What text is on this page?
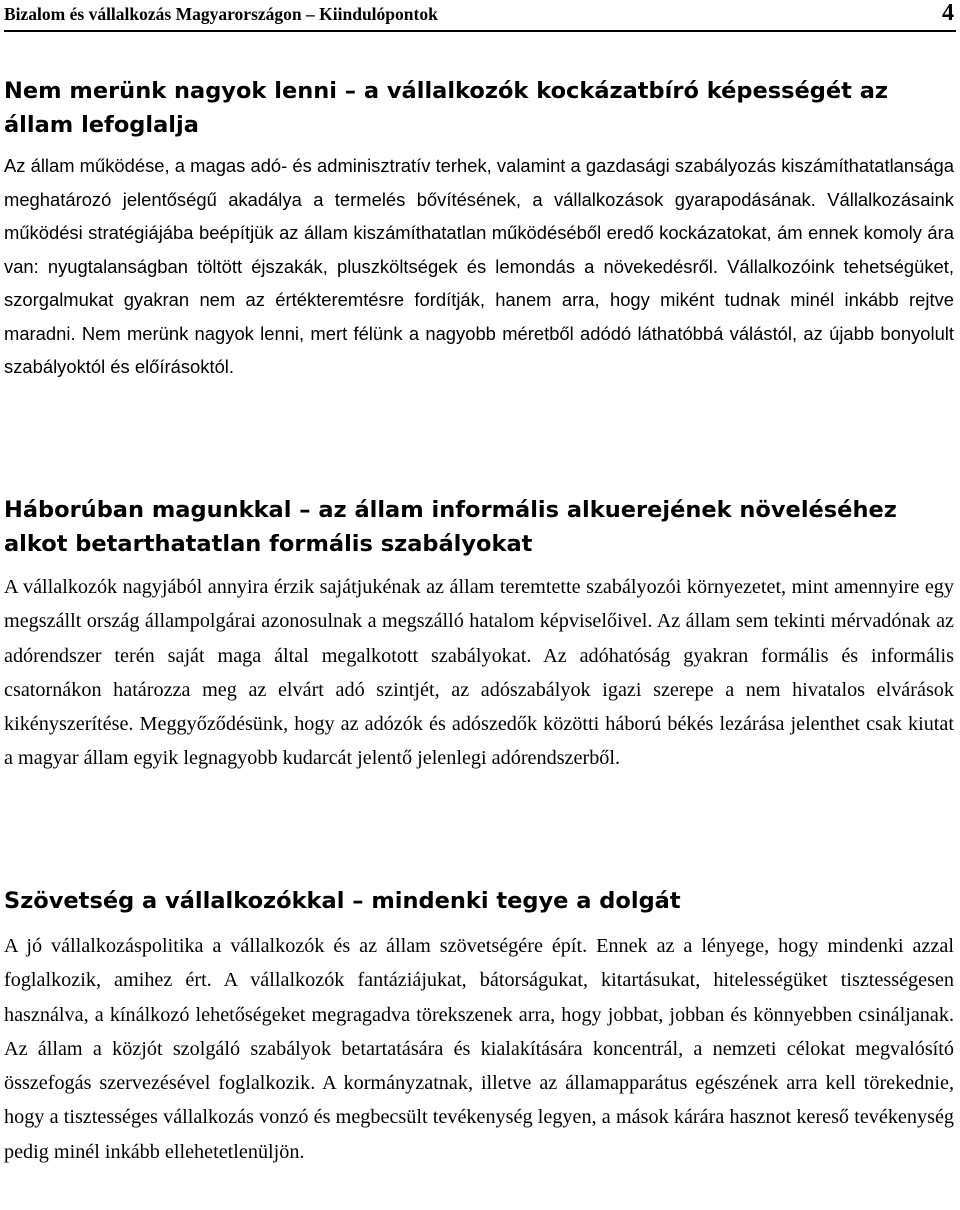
Bizalom és vállalkozás Magyarországon – Kiindulópontok	4
Nem merünk nagyok lenni – a vállalkozók kockázatbíró képességét az állam lefoglalja

Az állam működése, a magas adó- és adminisztratív terhek, valamint a gazdasági szabályozás kiszámíthatatlansága meghatározó jelentőségű akadálya a termelés bővítésének, a vállalkozások gyarapodásának. Vállalkozásaink működési stratégiájába beépítjük az állam kiszámíthatatlan működéséből eredő kockázatokat, ám ennek komoly ára van: nyugtalanságban töltött éjszakák, pluszköltségek és lemondás a növekedésről. Vállalkozóink tehetségüket, szorgalmukat gyakran nem az értékteremtésre fordítják, hanem arra, hogy miként tudnak minél inkább rejtve maradni. Nem merünk nagyok lenni, mert félünk a nagyobb méretből adódó láthatóbbá válástól, az újabb bonyolult szabályoktól és előírásoktól.

Háborúban magunkkal – az állam informális alkuerejének növeléséhez alkot betarthatatlan formális szabályokat

A vállalkozók nagyjából annyira érzik sajátjukénak az állam teremtette szabályozói környezetet, mint amennyire egy megszállt ország állampolgárai azonosulnak a megszálló hatalom képviselőivel. Az állam sem tekinti mérvadónak az adórendszer terén saját maga által megalkotott szabályokat. Az adóhatóság gyakran formális és informális csatornákon határozza meg az elvárt adó szintjét, az adószabályok igazi szerepe a nem hivatalos elvárások kikényszerítése. Meggyőződésünk, hogy az adózók és adószedők közötti háború békés lezárása jelenthet csak kiutat a magyar állam egyik legnagyobb kudarcát jelentő jelenlegi adórendszerből.

Szövetség a vállalkozókkal – mindenki tegye a dolgát

A jó vállalkozáspolitika a vállalkozók és az állam szövetségére épít. Ennek az a lényege, hogy mindenki azzal foglalkozik, amihez ért. A vállalkozók fantáziájukat, bátorságukat, kitartásukat, hitelességüket tisztességesen használva, a kínálkozó lehetőségeket megragadva törekszenek arra, hogy jobbat, jobban és könnyebben csináljanak. Az állam a közjót szolgáló szabályok betartatására és kialakítására koncentrál, a nemzeti célokat megvalósító összefogás szervezésével foglalkozik. A kormányzatnak, illetve az államapparátus egészének arra kell törekednie, hogy a tisztességes vállalkozás vonzó és megbecsült tevékenység legyen, a mások kárára hasznot kereső tevékenység pedig minél inkább ellehetetlenüljön.
